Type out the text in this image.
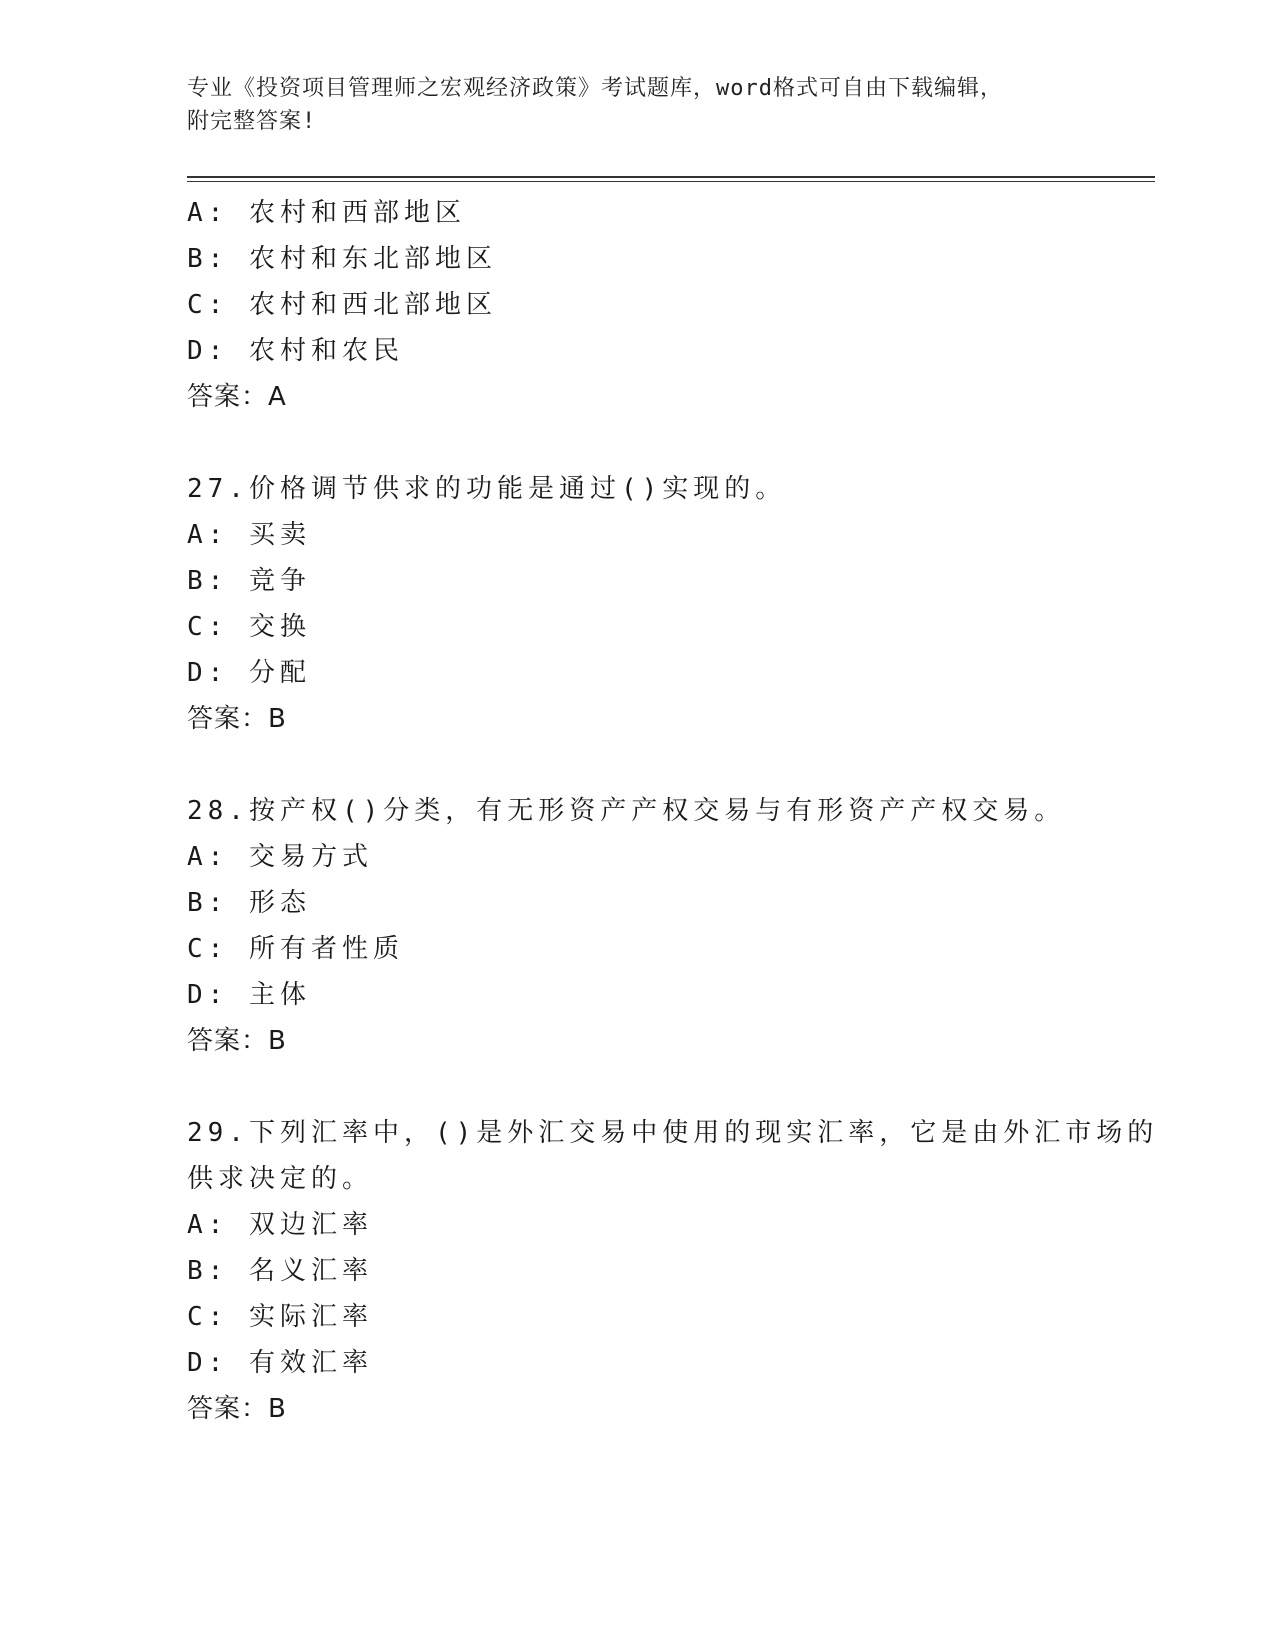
专业《投资项目管理师之宏观经济政策》考试题库，word格式可自由下载编辑，
附完整答案!
A: 农村和西部地区
B: 农村和东北部地区
C: 农村和西北部地区
D: 农村和农民
答案：A
27.价格调节供求的功能是通过()实现的。
A: 买卖
B: 竞争
C: 交换
D: 分配
答案：B
28.按产权()分类，有无形资产产权交易与有形资产产权交易。
A: 交易方式
B: 形态
C: 所有者性质
D: 主体
答案：B
29.下列汇率中，()是外汇交易中使用的现实汇率，它是由外汇市场的
供求决定的。
A: 双边汇率
B: 名义汇率
C: 实际汇率
D: 有效汇率
答案：B
